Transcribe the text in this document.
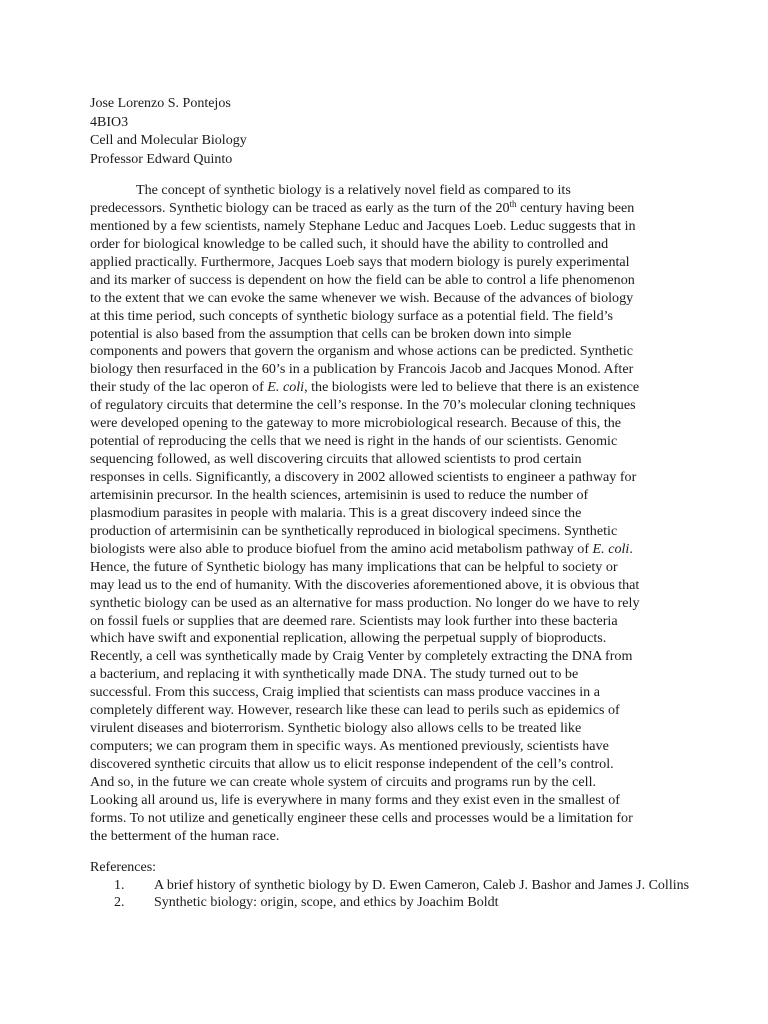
Jose Lorenzo S. Pontejos
4BIO3
Cell and Molecular Biology
Professor Edward Quinto
The concept of synthetic biology is a relatively novel field as compared to its
predecessors. Synthetic biology can be traced as early as the turn of the 20th century having been
mentioned by a few scientists, namely Stephane Leduc and Jacques Loeb. Leduc suggests that in
order for biological knowledge to be called such, it should have the ability to controlled and
applied practically. Furthermore, Jacques Loeb says that modern biology is purely experimental
and its marker of success is dependent on how the field can be able to control a life phenomenon
to the extent that we can evoke the same whenever we wish. Because of the advances of biology
at this time period, such concepts of synthetic biology surface as a potential field. The field’s
potential is also based from the assumption that cells can be broken down into simple
components and powers that govern the organism and whose actions can be predicted. Synthetic
biology then resurfaced in the 60’s in a publication by Francois Jacob and Jacques Monod. After
their study of the lac operon of E. coli, the biologists were led to believe that there is an existence
of regulatory circuits that determine the cell’s response. In the 70’s molecular cloning techniques
were developed opening to the gateway to more microbiological research. Because of this, the
potential of reproducing the cells that we need is right in the hands of our scientists. Genomic
sequencing followed, as well discovering circuits that allowed scientists to prod certain
responses in cells. Significantly, a discovery in 2002 allowed scientists to engineer a pathway for
artemisinin precursor. In the health sciences, artemisinin is used to reduce the number of
plasmodium parasites in people with malaria. This is a great discovery indeed since the
production of artermisinin can be synthetically reproduced in biological specimens. Synthetic
biologists were also able to produce biofuel from the amino acid metabolism pathway of E. coli.
Hence, the future of Synthetic biology has many implications that can be helpful to society or
may lead us to the end of humanity. With the discoveries aforementioned above, it is obvious that
synthetic biology can be used as an alternative for mass production. No longer do we have to rely
on fossil fuels or supplies that are deemed rare. Scientists may look further into these bacteria
which have swift and exponential replication, allowing the perpetual supply of bioproducts.
Recently, a cell was synthetically made by Craig Venter by completely extracting the DNA from
a bacterium, and replacing it with synthetically made DNA. The study turned out to be
successful. From this success, Craig implied that scientists can mass produce vaccines in a
completely different way. However, research like these can lead to perils such as epidemics of
virulent diseases and bioterrorism. Synthetic biology also allows cells to be treated like
computers; we can program them in specific ways. As mentioned previously, scientists have
discovered synthetic circuits that allow us to elicit response independent of the cell’s control.
And so, in the future we can create whole system of circuits and programs run by the cell.
Looking all around us, life is everywhere in many forms and they exist even in the smallest of
forms. To not utilize and genetically engineer these cells and processes would be a limitation for
the betterment of the human race.
References:
1. A brief history of synthetic biology by D. Ewen Cameron, Caleb J. Bashor and James J. Collins
2. Synthetic biology: origin, scope, and ethics by Joachim Boldt
